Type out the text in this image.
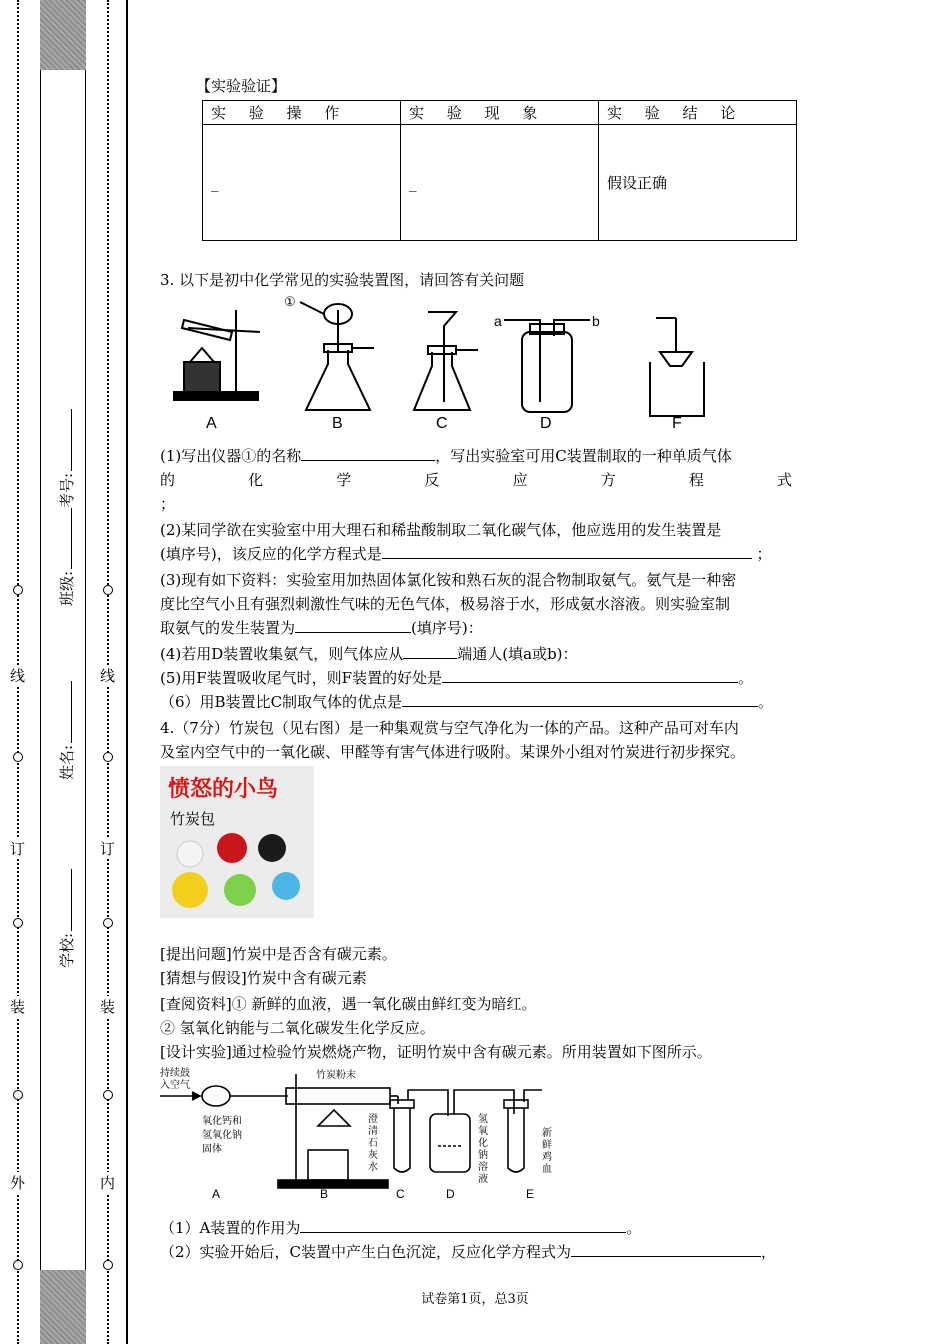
外
装
订
线
内
装
订
线
学校:
姓名:
班级:
考号:
【实验验证】
实 验 操 作	实 验 现 象	实 验 结 论
_	_	假设正确
3. 以下是初中化学常见的实验装置图，请回答有关问题
A	B	C	D	F
①
a	b
(1)写出仪器①的名称	，写出实验室可用C装置制取的一种单质气体
的	化	学	反	应	方	程	式
；
(2)某同学欲在实验室中用大理石和稀盐酸制取二氧化碳气体，他应选用的发生装置是
(填序号)，该反应的化学方程式是	；
(3)现有如下资料：实验室用加热固体氯化铵和熟石灰的混合物制取氨气。氨气是一种密
度比空气小且有强烈刺激性气味的无色气体，极易溶于水，形成氨水溶液。则实验室制
取氨气的发生装置为	(填序号)：
(4)若用D装置收集氨气，则气体应从	端通人(填a或b)：
(5)用F装置吸收尾气时，则F装置的好处是	。
（6）用B装置比C制取气体的优点是	。
4.（7分）竹炭包（见右图）是一种集观赏与空气净化为一体的产品。这种产品可对车内
及室内空气中的一氧化碳、甲醛等有害气体进行吸附。某课外小组对竹炭进行初步探究。
愤怒的小鸟
竹炭包
[提出问题]竹炭中是否含有碳元素。
[猜想与假设]竹炭中含有碳元素
[查阅资料]① 新鲜的血液，遇一氧化碳由鲜红变为暗红。
② 氢氧化钠能与二氧化碳发生化学反应。
[设计实验]通过检验竹炭燃烧产物，证明竹炭中含有碳元素。所用装置如下图所示。
持续鼓
入空气
竹炭粉末
氧化钙和
氢氧化钠
固体
澄
清
石
灰
水
氢
氧
化
钠
溶
液
新
鲜
鸡
血
A	B	C	D	E
（1）A装置的作用为	。
（2）实验开始后，C装置中产生白色沉淀，反应化学方程式为	，
试卷第1页，总3页
